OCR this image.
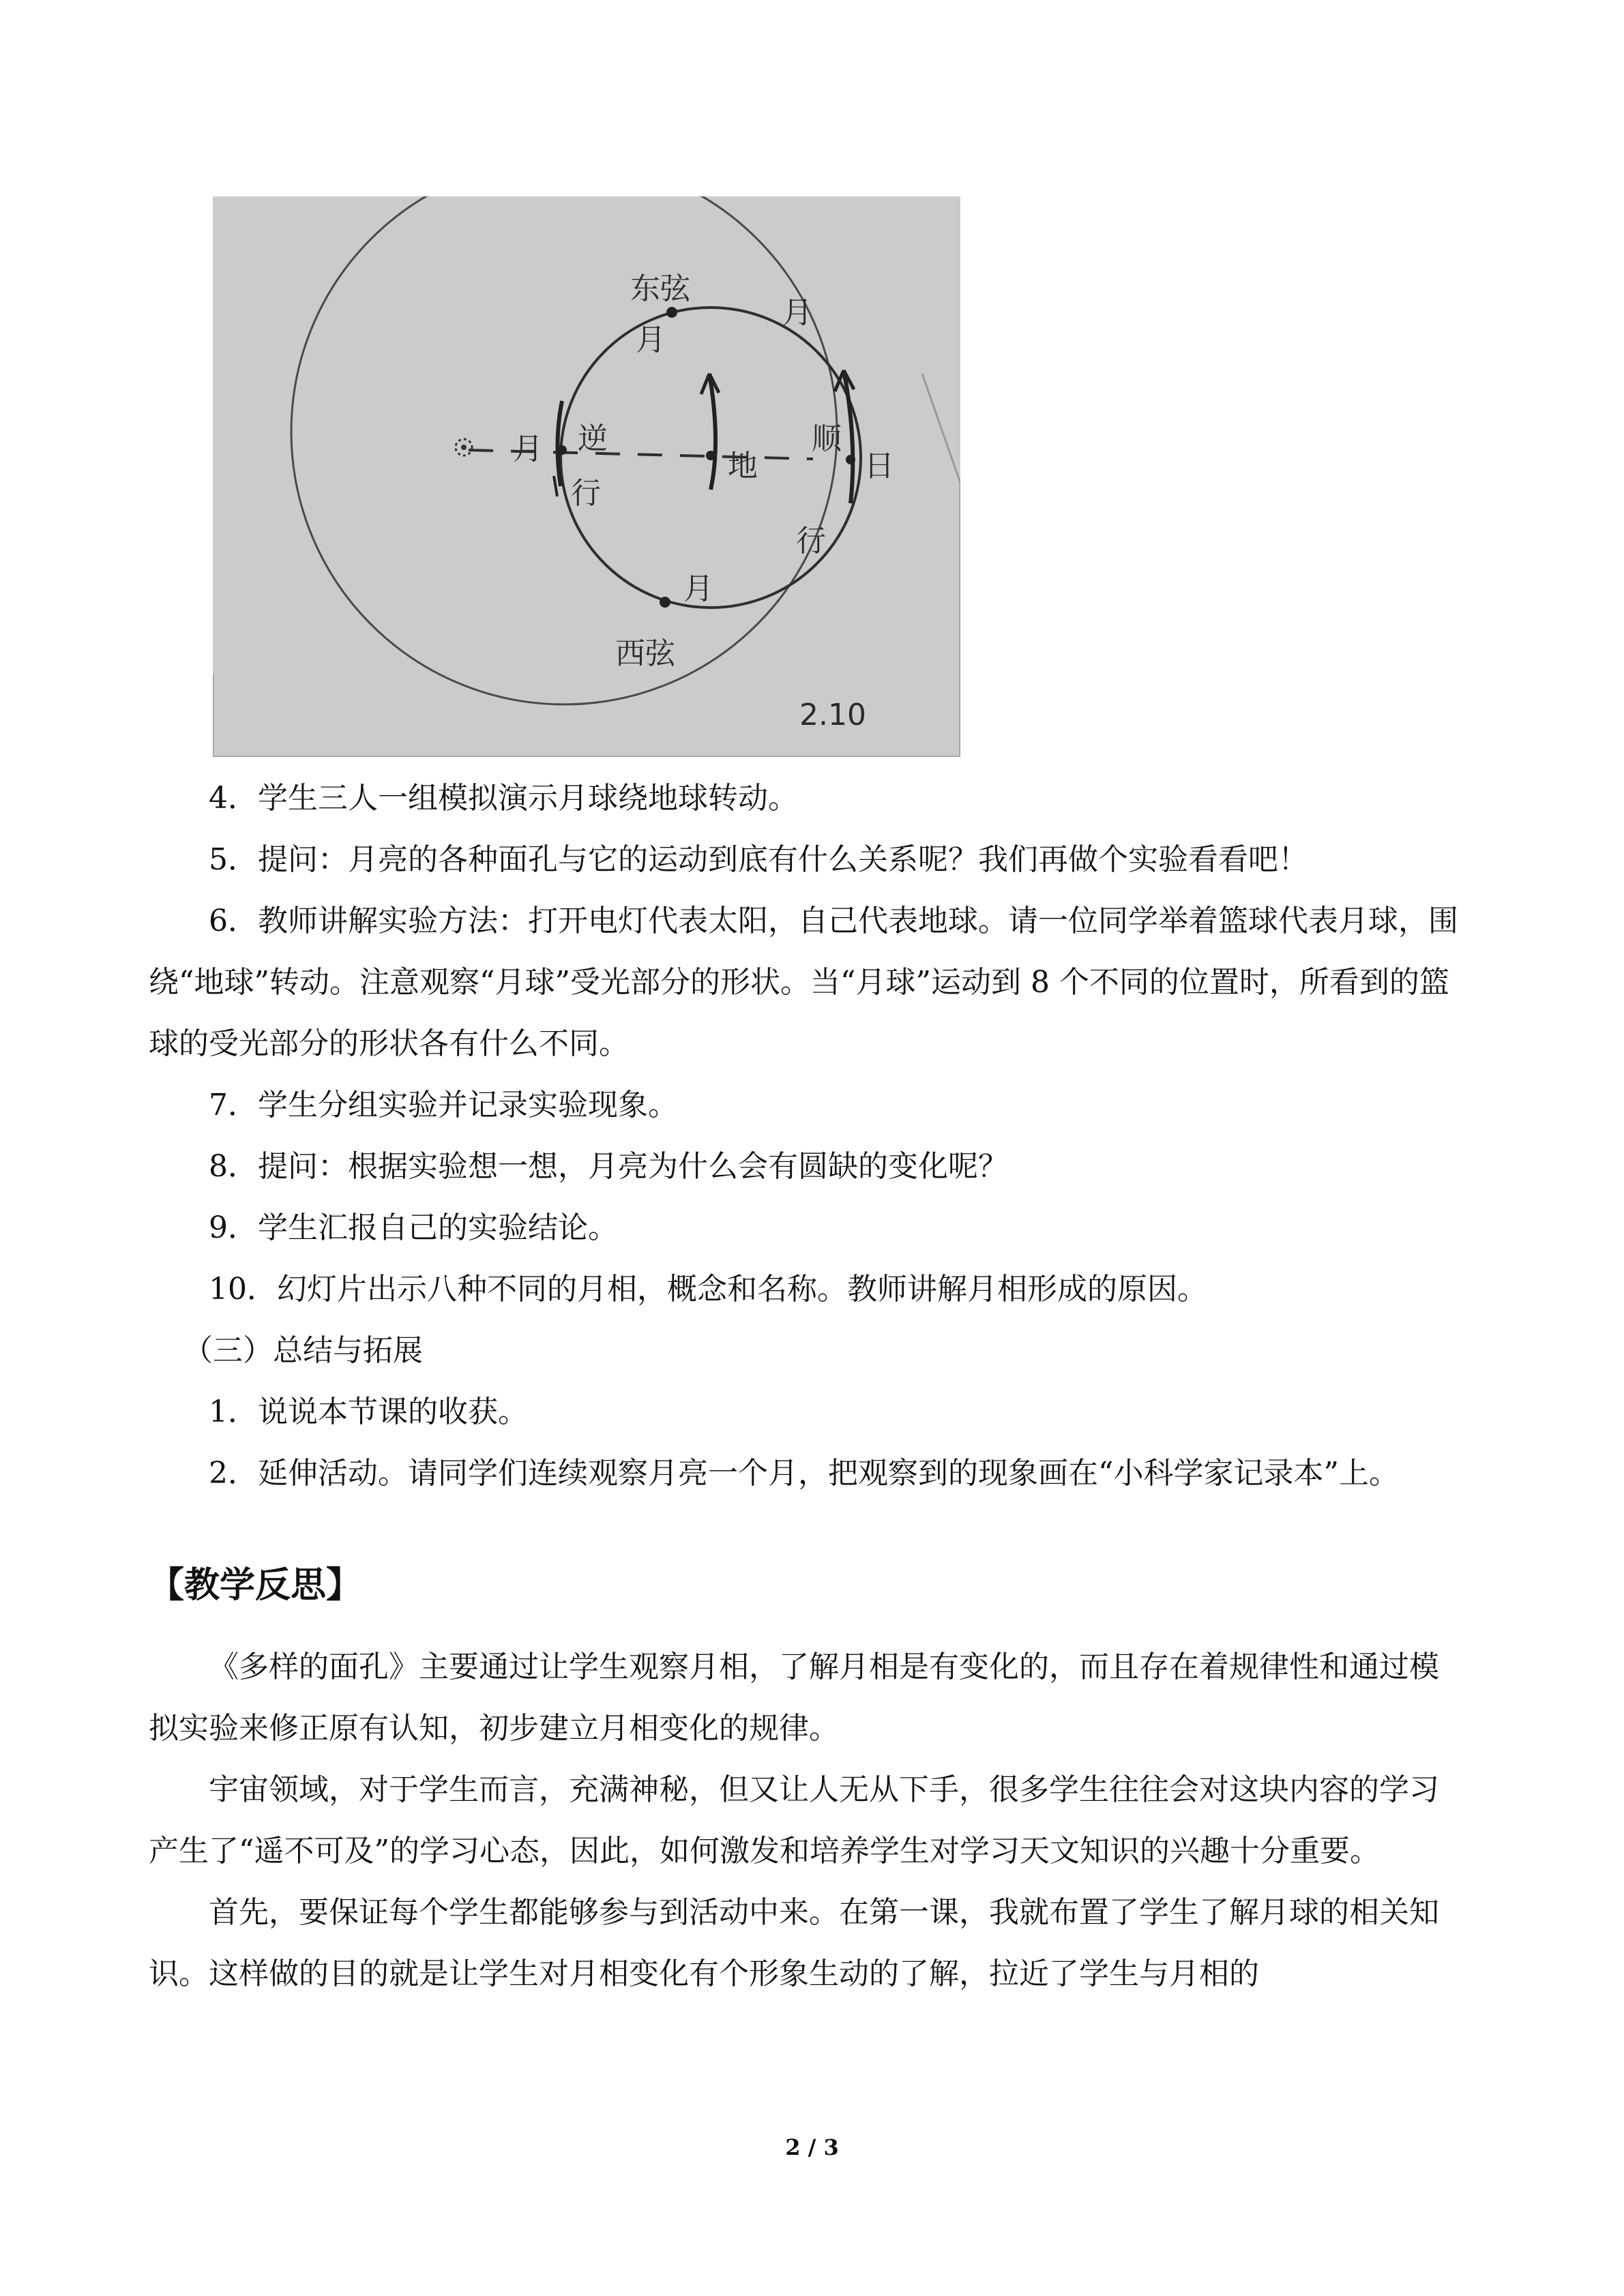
东弦
月
月
月 逆
行
地
顺
日
行
月
西弦
2.10

4．学生三人一组模拟演示月球绕地球转动。

5．提问：月亮的各种面孔与它的运动到底有什么关系呢？我们再做个实验看看吧！

6．教师讲解实验方法：打开电灯代表太阳，自己代表地球。请一位同学举着篮球代表月球，围绕“地球”转动。注意观察“月球”受光部分的形状。当“月球”运动到 8 个不同的位置时，所看到的篮球的受光部分的形状各有什么不同。

7．学生分组实验并记录实验现象。

8．提问：根据实验想一想，月亮为什么会有圆缺的变化呢？

9．学生汇报自己的实验结论。

10．幻灯片出示八种不同的月相，概念和名称。教师讲解月相形成的原因。

（三）总结与拓展

1．说说本节课的收获。

2．延伸活动。请同学们连续观察月亮一个月，把观察到的现象画在“小科学家记录本”上。

【教学反思】

《多样的面孔》主要通过让学生观察月相，了解月相是有变化的，而且存在着规律性和通过模拟实验来修正原有认知，初步建立月相变化的规律。

宇宙领域，对于学生而言，充满神秘，但又让人无从下手，很多学生往往会对这块内容的学习产生了“遥不可及”的学习心态，因此，如何激发和培养学生对学习天文知识的兴趣十分重要。

首先，要保证每个学生都能够参与到活动中来。在第一课，我就布置了学生了解月球的相关知识。这样做的目的就是让学生对月相变化有个形象生动的了解，拉近了学生与月相的

2 / 3
